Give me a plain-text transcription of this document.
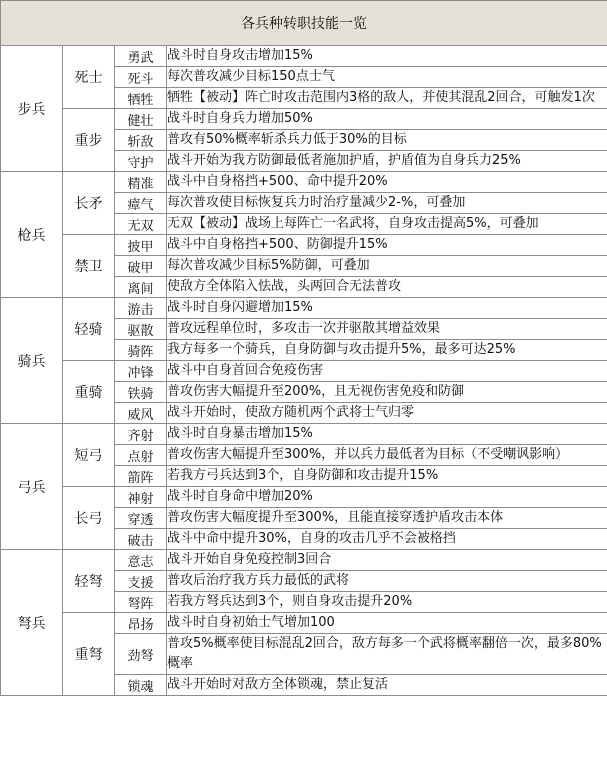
各兵种转职技能一览			
步兵	死士	勇武	战斗时自身攻击增加15%
		死斗	每次普攻减少目标150点士气
		牺牲	牺牲【被动】阵亡时攻击范围内3格的敌人，并使其混乱2回合，可触发1次
	重步	健壮	战斗时自身兵力增加50%
		斩敌	普攻有50%概率斩杀兵力低于30%的目标
		守护	战斗开始为我方防御最低者施加护盾，护盾值为自身兵力25%
枪兵	长矛	精准	战斗中自身格挡+500、命中提升20%
		瘴气	每次普攻使目标恢复兵力时治疗量减少2-%，可叠加
		无双	无双【被动】战场上每阵亡一名武将，自身攻击提高5%，可叠加
	禁卫	披甲	战斗中自身格挡+500、防御提升15%
		破甲	每次普攻减少目标5%防御，可叠加
		离间	使敌方全体陷入怯战，头两回合无法普攻
骑兵	轻骑	游击	战斗时自身闪避增加15%
		驱散	普攻远程单位时，多攻击一次并驱散其增益效果
		骑阵	我方每多一个骑兵，自身防御与攻击提升5%，最多可达25%
	重骑	冲锋	战斗中自身首回合免疫伤害
		铁骑	普攻伤害大幅提升至200%，且无视伤害免疫和防御
		威风	战斗开始时，使敌方随机两个武将士气归零
弓兵	短弓	齐射	战斗时自身暴击增加15%
		点射	普攻伤害大幅提升至300%，并以兵力最低者为目标（不受嘲讽影响）
		箭阵	若我方弓兵达到3个，自身防御和攻击提升15%
	长弓	神射	战斗时自身命中增加20%
		穿透	普攻伤害大幅度提升至300%，且能直接穿透护盾攻击本体
		破击	战斗中命中提升30%，自身的攻击几乎不会被格挡
弩兵	轻弩	意志	战斗开始自身免疫控制3回合
		支援	普攻后治疗我方兵力最低的武将
		弩阵	若我方弩兵达到3个，则自身攻击提升20%
	重弩	昂扬	战斗时自身初始士气增加100
		劲弩	普攻5%概率使目标混乱2回合，敌方每多一个武将概率翻倍一次，最多80%概率
		锁魂	战斗开始时对敌方全体锁魂，禁止复活
